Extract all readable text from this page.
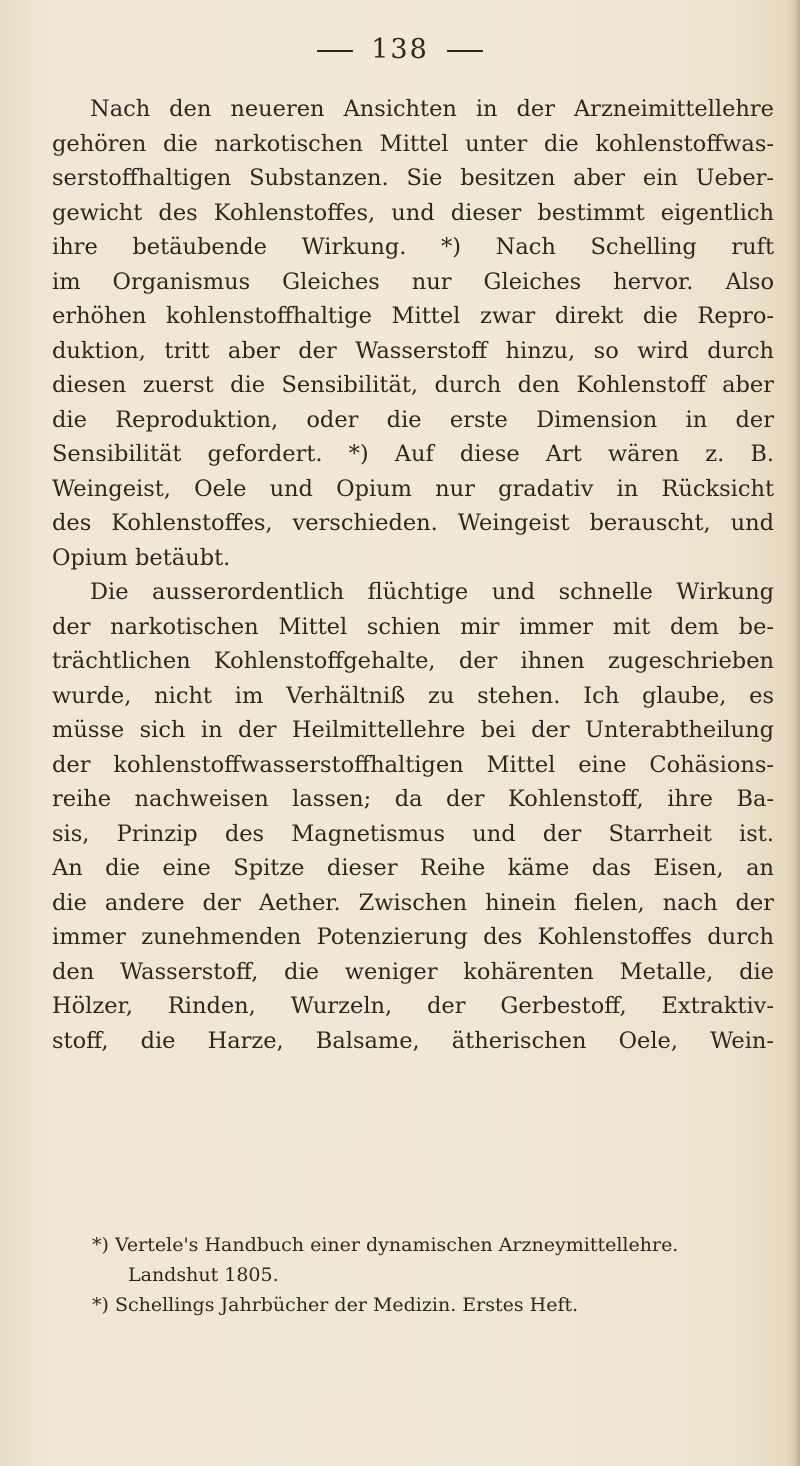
138
Nach den neueren Ansichten in der Arzneimittellehre
gehören die narkotischen Mittel unter die kohlenstoffwas-
serstoffhaltigen Substanzen. Sie besitzen aber ein Ueber-
gewicht des Kohlenstoffes, und dieser bestimmt eigentlich
ihre betäubende Wirkung. *) Nach Schelling ruft
im Organismus Gleiches nur Gleiches hervor. Also
erhöhen kohlenstoffhaltige Mittel zwar direkt die Repro-
duktion, tritt aber der Wasserstoff hinzu, so wird durch
diesen zuerst die Sensibilität, durch den Kohlenstoff aber
die Reproduktion, oder die erste Dimension in der
Sensibilität gefordert. *) Auf diese Art wären z. B.
Weingeist, Oele und Opium nur gradativ in Rücksicht
des Kohlenstoffes, verschieden. Weingeist berauscht, und
Opium betäubt.
Die ausserordentlich flüchtige und schnelle Wirkung
der narkotischen Mittel schien mir immer mit dem be-
trächtlichen Kohlenstoffgehalte, der ihnen zugeschrieben
wurde, nicht im Verhältniß zu stehen. Ich glaube, es
müsse sich in der Heilmittellehre bei der Unterabtheilung
der kohlenstoffwasserstoffhaltigen Mittel eine Cohäsions-
reihe nachweisen lassen; da der Kohlenstoff, ihre Ba-
sis, Prinzip des Magnetismus und der Starrheit ist.
An die eine Spitze dieser Reihe käme das Eisen, an
die andere der Aether. Zwischen hinein fielen, nach der
immer zunehmenden Potenzierung des Kohlenstoffes durch
den Wasserstoff, die weniger kohärenten Metalle, die
Hölzer, Rinden, Wurzeln, der Gerbestoff, Extraktiv-
stoff, die Harze, Balsame, ätherischen Oele, Wein-
*) Vertele's Handbuch einer dynamischen Arzneymittellehre.
Landshut 1805.
*) Schellings Jahrbücher der Medizin. Erstes Heft.
